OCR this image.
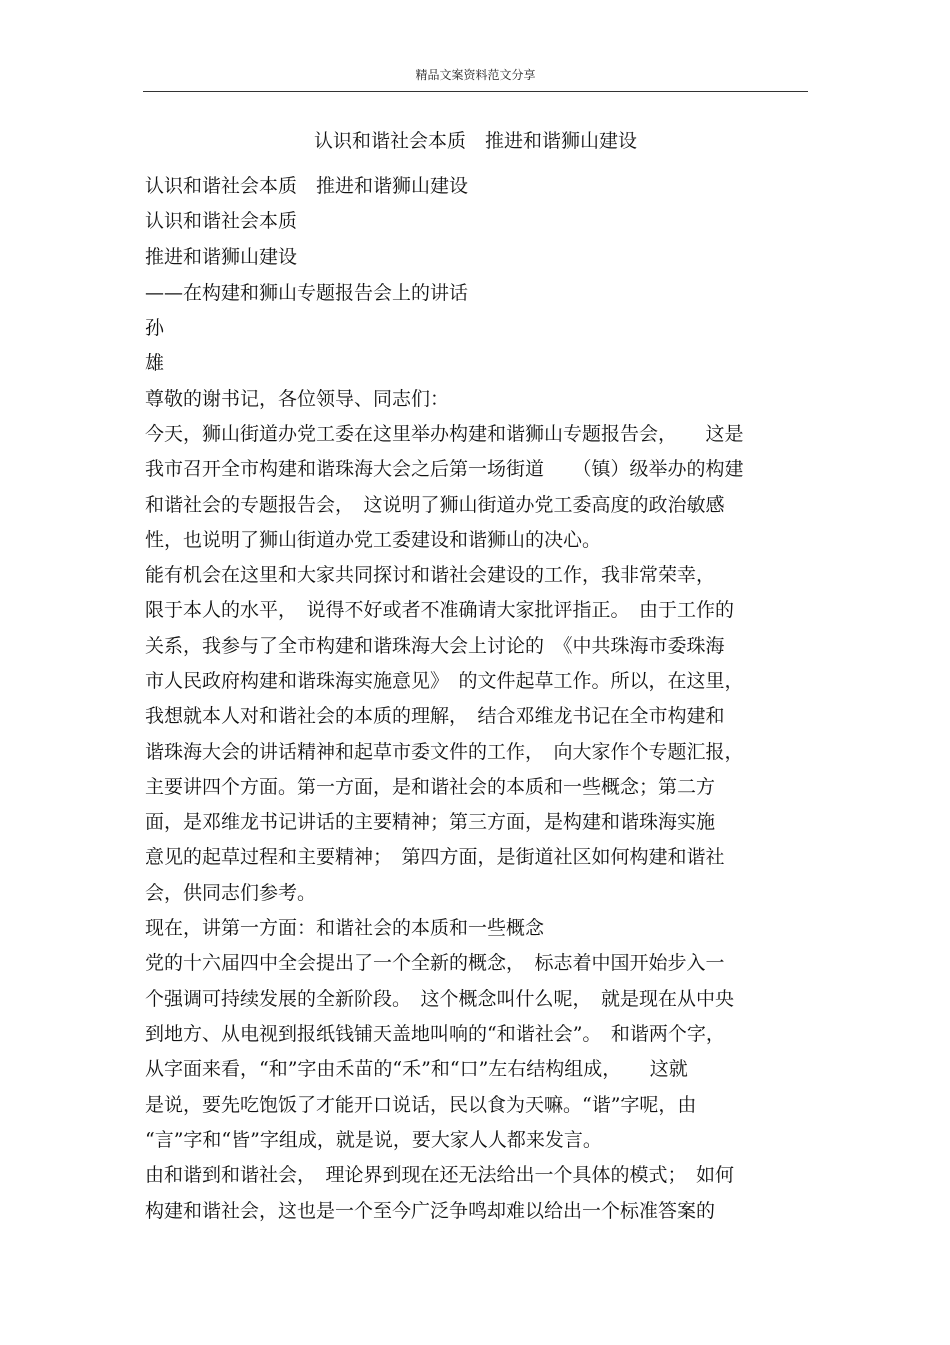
精品文案资料范文分享
认识和谐社会本质　推进和谐狮山建设
认识和谐社会本质　推进和谐狮山建设
认识和谐社会本质
推进和谐狮山建设
——在构建和狮山专题报告会上的讲话
孙
雄
尊敬的谢书记，各位领导、同志们：
今天，狮山街道办党工委在这里举办构建和谐狮山专题报告会，　　这是
我市召开全市构建和谐珠海大会之后第一场街道　　（镇）级举办的构建
和谐社会的专题报告会，　这说明了狮山街道办党工委高度的政治敏感
性，也说明了狮山街道办党工委建设和谐狮山的决心。
能有机会在这里和大家共同探讨和谐社会建设的工作，我非常荣幸，
限于本人的水平，　说得不好或者不准确请大家批评指正。　由于工作的
关系，我参与了全市构建和谐珠海大会上讨论的　《中共珠海市委珠海
市人民政府构建和谐珠海实施意见》　的文件起草工作。所以，在这里，
我想就本人对和谐社会的本质的理解，　结合邓维龙书记在全市构建和
谐珠海大会的讲话精神和起草市委文件的工作，　向大家作个专题汇报，
主要讲四个方面。第一方面，是和谐社会的本质和一些概念；第二方
面，是邓维龙书记讲话的主要精神；第三方面，是构建和谐珠海实施
意见的起草过程和主要精神；　第四方面，是街道社区如何构建和谐社
会，供同志们参考。
现在，讲第一方面：和谐社会的本质和一些概念
党的十六届四中全会提出了一个全新的概念，　标志着中国开始步入一
个强调可持续发展的全新阶段。　这个概念叫什么呢，　就是现在从中央
到地方、从电视到报纸钱铺天盖地叫响的“和谐社会”。　和谐两个字，
从字面来看，“和”字由禾苗的“禾”和“口”左右结构组成，　　这就
是说，要先吃饱饭了才能开口说话，民以食为天嘛。“谐”字呢，由
“言”字和“皆”字组成，就是说，要大家人人都来发言。
由和谐到和谐社会，　理论界到现在还无法给出一个具体的模式；　如何
构建和谐社会，这也是一个至今广泛争鸣却难以给出一个标准答案的
